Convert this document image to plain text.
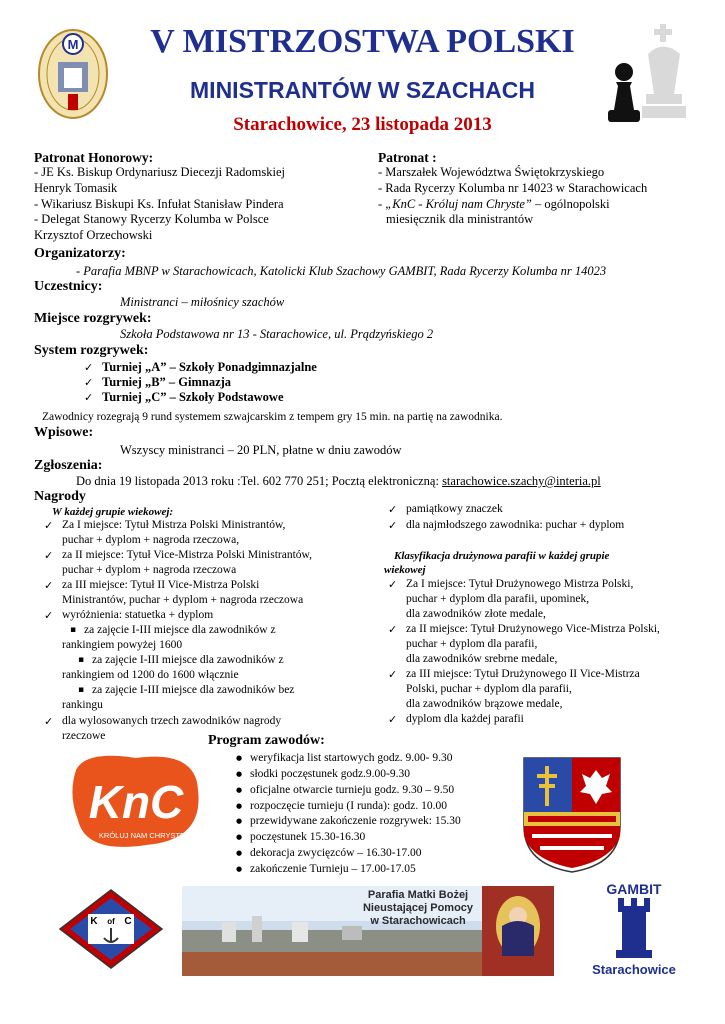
M	V MISTRZOSTWA POLSKI
MINISTRANTÓW W SZACHACH
Starachowice, 23 listopada 2013
Patronat Honorowy:
- JE Ks. Biskup Ordynariusz Diecezji Radomskiej
Henryk Tomasik
- Wikariusz Biskupi Ks. Infułat Stanisław Pindera
- Delegat Stanowy Rycerzy Kolumba w Polsce
Krzysztof Orzechowski
Patronat :
- Marszałek Województwa Świętokrzyskiego
- Rada Rycerzy Kolumba nr 14023 w Starachowicach
- „KnC - Króluj nam Chryste” – ogólnopolski
miesięcznik dla ministrantów
Organizatorzy:
- Parafia MBNP w Starachowicach, Katolicki Klub Szachowy GAMBIT, Rada Rycerzy Kolumba nr 14023
Uczestnicy:
Ministranci – miłośnicy szachów
Miejsce rozgrywek:
Szkoła Podstawowa nr 13 - Starachowice, ul. Prądzyńskiego 2
System rozgrywek:
✓ Turniej „A” – Szkoły Ponadgimnazjalne
✓ Turniej „B” – Gimnazja
✓ Turniej „C” – Szkoły Podstawowe
Zawodnicy rozegrają 9 rund systemem szwajcarskim z tempem gry 15 min. na partię na zawodnika.
Wpisowe:
Wszyscy ministranci – 20 PLN, płatne w dniu zawodów
Zgłoszenia:
Do dnia 19 listopada 2013 roku :Tel. 602 770 251; Pocztą elektroniczną: starachowice.szachy@interia.pl
Nagrody
W każdej grupie wiekowej:
✓ Za I miejsce: Tytuł Mistrza Polski Ministrantów,
puchar + dyplom + nagroda rzeczowa,
✓ za II miejsce: Tytuł Vice-Mistrza Polski Ministrantów,
puchar + dyplom + nagroda rzeczowa
✓ za III miejsce: Tytuł II Vice-Mistrza Polski
Ministrantów, puchar + dyplom + nagroda rzeczowa
✓ wyróżnienia: statuetka + dyplom
▪ za zajęcie I-III miejsce dla zawodników z
rankingiem powyżej 1600
▪ za zajęcie I-III miejsce dla zawodników z
rankingiem od 1200 do 1600 włącznie
▪ za zajęcie I-III miejsce dla zawodników bez
rankingu
✓ dla wylosowanych trzech zawodników nagrody
rzeczowe
✓ pamiątkowy znaczek
✓ dla najmłodszego zawodnika: puchar + dyplom
Klasyfikacja drużynowa parafii w każdej grupie
wiekowej
✓ Za I miejsce: Tytuł Drużynowego Mistrza Polski,
puchar + dyplom dla parafii, upominek,
dla zawodników złote medale,
✓ za II miejsce: Tytuł Drużynowego Vice-Mistrza Polski,
puchar + dyplom dla parafii,
dla zawodników srebrne medale,
✓ za III miejsce: Tytuł Drużynowego II Vice-Mistrza
Polski, puchar + dyplom dla parafii,
dla zawodników brązowe medale,
✓ dyplom dla każdej parafii
Program zawodów:
● weryfikacja list startowych godz. 9.00- 9.30
● słodki poczęstunek godz.9.00-9.30
● oficjalne otwarcie turnieju godz. 9.30 – 9.50
● rozpoczęcie turnieju (I runda): godz. 10.00
● przewidywane zakończenie rozgrywek: 15.30
● poczęstunek 15.30-16.30
● dekoracja zwycięzców – 16.30-17.00
● zakończenie Turnieju – 17.00-17.05
KnC
KRÓLUJ NAM CHRYSTE
K of C
Parafia Matki Bożej
Nieustającej Pomocy
w Starachowicach
GAMBIT
Starachowice
